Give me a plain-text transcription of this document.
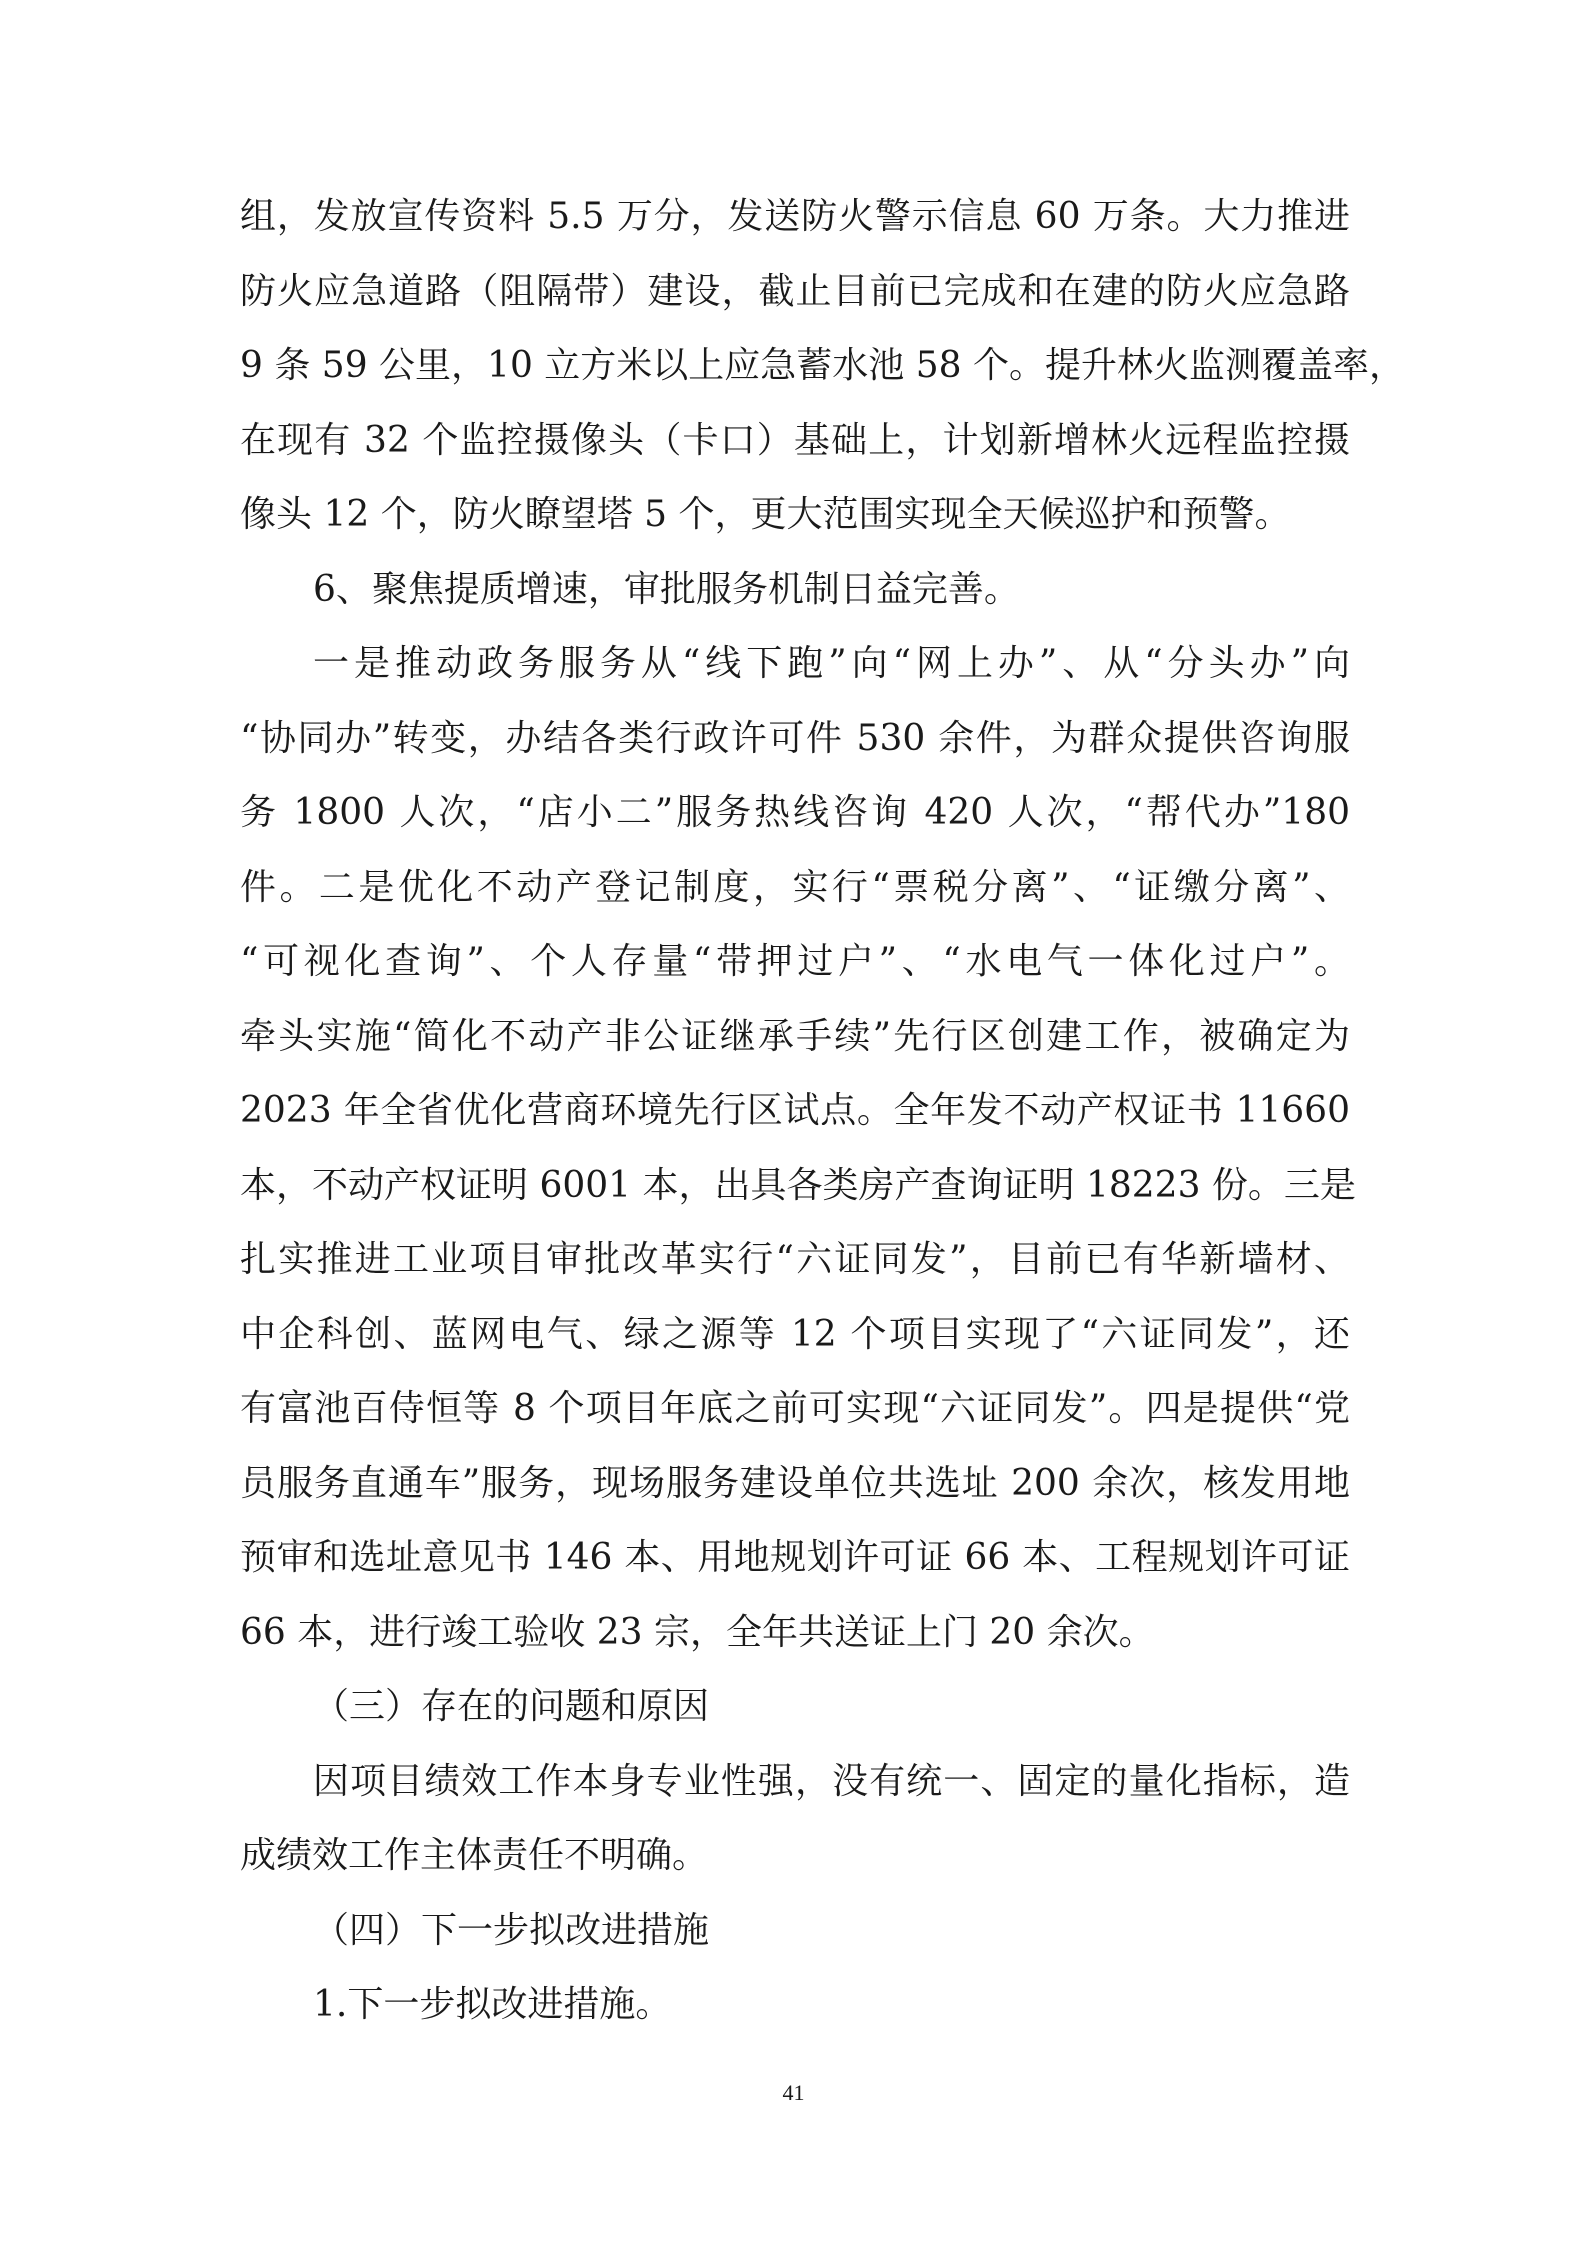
组，发放宣传资料 5.5 万分，发送防火警示信息 60 万条。大力推进
防火应急道路（阻隔带）建设，截止目前已完成和在建的防火应急路
9 条 59 公里，10 立方米以上应急蓄水池 58 个。提升林火监测覆盖率，
在现有 32 个监控摄像头（卡口）基础上，计划新增林火远程监控摄
像头 12 个，防火瞭望塔 5 个，更大范围实现全天候巡护和预警。
6、聚焦提质增速，审批服务机制日益完善。
一是推动政务服务从“线下跑”向“网上办”、从“分头办”向
“协同办”转变，办结各类行政许可件 530 余件，为群众提供咨询服
务 1800 人次，“店小二”服务热线咨询 420 人次，“帮代办”180
件。二是优化不动产登记制度，实行“票税分离”、“证缴分离”、
“可视化查询”、个人存量“带押过户”、“水电气一体化过户”。
牵头实施“简化不动产非公证继承手续”先行区创建工作，被确定为
2023 年全省优化营商环境先行区试点。全年发不动产权证书 11660
本，不动产权证明 6001 本，出具各类房产查询证明 18223 份。三是
扎实推进工业项目审批改革实行“六证同发”，目前已有华新墙材、
中企科创、蓝网电气、绿之源等 12 个项目实现了“六证同发”，还
有富池百侍恒等 8 个项目年底之前可实现“六证同发”。四是提供“党
员服务直通车”服务，现场服务建设单位共选址 200 余次，核发用地
预审和选址意见书 146 本、用地规划许可证 66 本、工程规划许可证
66 本，进行竣工验收 23 宗，全年共送证上门 20 余次。
（三）存在的问题和原因
因项目绩效工作本身专业性强，没有统一、固定的量化指标，造
成绩效工作主体责任不明确。
（四）下一步拟改进措施
1.下一步拟改进措施。
41
